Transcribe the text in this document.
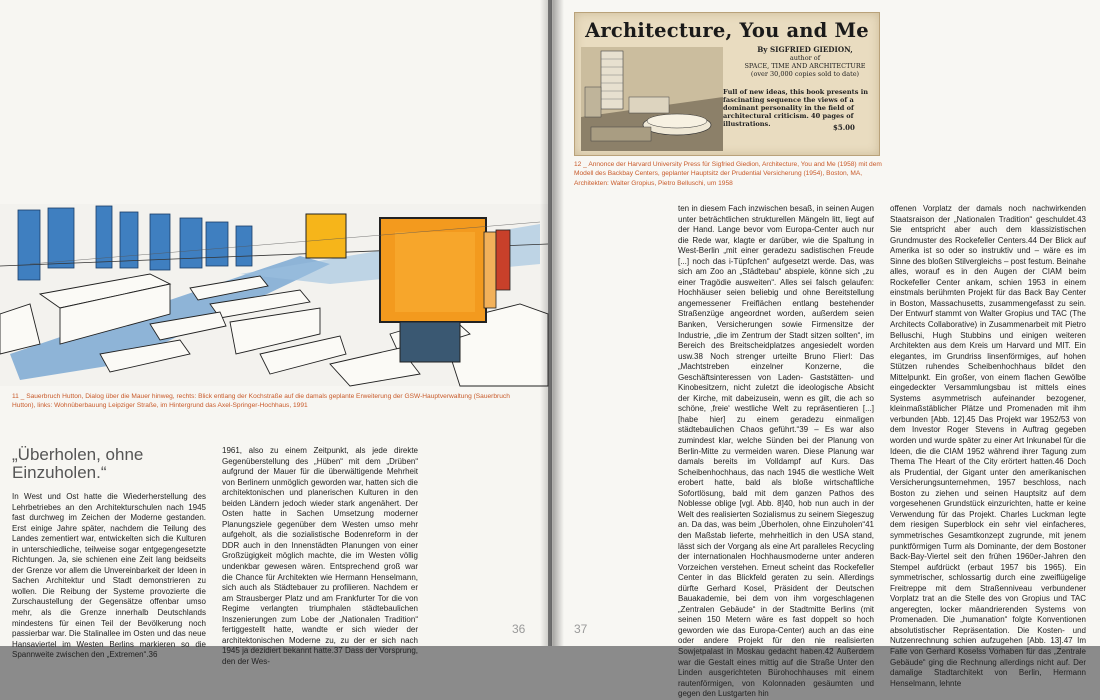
11 _ Sauerbruch Hutton, Dialog über die Mauer hinweg, rechts: Blick entlang der Kochstraße auf die damals geplante Erweiterung der GSW-Hauptverwaltung (Sauerbruch Hutton), links: Wohnüberbauung Leipziger Straße, im Hintergrund das Axel-Springer-Hochhaus, 1991
„Überholen, ohne Einzuholen.“
In West und Ost hatte die Wiederherstellung des Lehrbetriebes an den Architekturschulen nach 1945 fast durchweg im Zeichen der Moderne gestanden. Erst einige Jahre später, nachdem die Teilung des Landes zementiert war, entwickelten sich die Kulturen in unterschiedliche, teilweise sogar entgegengesetzte Richtungen. Ja, sie schienen eine Zeit lang beidseits der Grenze vor allem die Unvereinbarkeit der Ideen in Sachen Architektur und Stadt demonstrieren zu wollen. Die Reibung der Systeme provozierte die Zurschaustellung der Gegensätze offenbar umso mehr, als die Grenze innerhalb Deutschlands mindestens für einen Teil der Bevölkerung noch passierbar war. Die Stalinallee im Osten und das neue Hansaviertel im Westen Berlins markieren so die Spannweite zwischen den „Extremen“.36
1961, also zu einem Zeitpunkt, als jede direkte Gegenüberstellung des „Hüben“ mit dem „Drüben“ aufgrund der Mauer für die überwältigende Mehrheit von Berlinern unmöglich geworden war, hatten sich die architektonischen und planerischen Kulturen in den beiden Ländern jedoch wieder stark angenähert. Der Osten hatte in Sachen Umsetzung moderner Planungsziele gegenüber dem Westen umso mehr aufgeholt, als die sozialistische Bodenreform in der DDR auch in den Innenstädten Planungen von einer Großzügigkeit möglich machte, die im Westen völlig undenkbar gewesen wären. Entsprechend groß war die Chance für Architekten wie Hermann Henselmann, sich auch als Städtebauer zu profilieren. Nachdem er am Strausberger Platz und am Frankfurter Tor die von Regime verlangten triumphalen städtebaulichen Inszenierungen zum Lobe der „Nationalen Tradition“ fertiggestellt hatte, wandte er sich wieder der architektonischen Moderne zu, zu der er sich nach 1945 ja dezidiert bekannt hatte.37 Dass der Vorsprung, den der Wes-
36
Architecture, You and Me
By SIGFRIED GIEDION,
author of
SPACE, TIME AND ARCHITECTURE
(over 30,000 copies sold to date)
Full of new ideas, this book presents in fascinating sequence the views of a dominant personality in the field of architectural criticism. 40 pages of illustrations.	$5.00
12 _ Annonce der Harvard University Press für Sigfried Giedion, Architecture, You and Me (1958) mit dem Modell des Backbay Centers, geplanter Hauptsitz der Prudential Versicherung (1954), Boston, MA, Architekten: Walter Gropius, Pietro Belluschi, um 1958
ten in diesem Fach inzwischen besaß, in seinen Augen unter beträchtlichen strukturellen Mängeln litt, liegt auf der Hand. Lange bevor vom Europa-Center auch nur die Rede war, klagte er darüber, wie die Spaltung in West-Berlin „mit einer geradezu sadistischen Freude [...] noch das i-Tüpfchen“ aufgesetzt werde. Das, was sich am Zoo an „Städtebau“ abspiele, könne sich „zu einer Tragödie ausweiten“. Alles sei falsch gelaufen: Hochhäuser seien beliebig und ohne Bereitstellung angemessener Freiflächen entlang bestehender Straßenzüge angeordnet worden, außerdem seien Banken, Versicherungen sowie Firmensitze der Industrie, „die im Zentrum der Stadt sitzen sollten“, im Bereich des Breitscheidplatzes angesiedelt worden usw.38 Noch strenger urteilte Bruno Flierl: Das „Machtstreben einzelner Konzerne, die Geschäftsinteressen von Laden- Gaststätten- und Kinobesitzern, nicht zuletzt die ideologische Absicht der Kirche, mit dabeizusein, wenn es gilt, die ach so schöne, ‚freie‘ westliche Welt zu repräsentieren [...] [habe hier] zu einem geradezu einmaligen städtebaulichen Chaos geführt.“39 – Es war also zumindest klar, welche Sünden bei der Planung von Berlin-Mitte zu vermeiden waren. Diese Planung war damals bereits im Volldampf auf Kurs. Das Scheibenhochhaus, das nach 1945 die westliche Welt erobert hatte, bald als bloße wirtschaftliche Sofortlösung, bald mit dem ganzen Pathos des Noblesse oblige [vgl. Abb. 8]40, hob nun auch in der Welt des realisierten Sozialismus zu seinem Siegeszug an. Da das, was beim „Überholen, ohne Einzuholen“41 den Maßstab lieferte, mehrheitlich in den USA stand, lässt sich der Vorgang als eine Art paralleles Recycling der internationalen Hochhausmoderne unter anderen Vorzeichen verstehen. Erneut scheint das Rockefeller Center in das Blickfeld geraten zu sein. Allerdings dürfte Gerhard Kosel, Präsident der Deutschen Bauakademie, bei dem von ihm vorgeschlagenen „Zentralen Gebäude“ in der Stadtmitte Berlins (mit seinen 150 Metern wäre es fast doppelt so hoch geworden wie das Europa-Center) auch an das eine oder andere Projekt für den nie realisierten Sowjetpalast in Moskau gedacht haben.42 Außerdem war die Gestalt eines mittig auf die Straße Unter den Linden ausgerichteten Bürohochhauses mit einem rautenförmigen, von Kolonnaden gesäumten und gegen den Lustgarten hin
offenen Vorplatz der damals noch nachwirkenden Staatsraison der „Nationalen Tradition“ geschuldet.43 Sie entspricht aber auch dem klassizistischen Grundmuster des Rockefeller Centers.44 Der Blick auf Amerika ist so oder so instruktiv und – wäre es im Sinne des bloßen Stilvergleichs – post festum. Beinahe alles, worauf es in den Augen der CIAM beim Rockefeller Center ankam, schien 1953 in einem einstmals berühmten Projekt für das Back Bay Center in Boston, Massachusetts, zusammengefasst zu sein. Der Entwurf stammt von Walter Gropius und TAC (The Architects Collaborative) in Zusammenarbeit mit Pietro Belluschi, Hugh Stubbins und einigen weiteren Architekten aus dem Kreis um Harvard und MIT. Ein elegantes, im Grundriss linsenförmiges, auf hohen Stützen ruhendes Scheibenhochhaus bildet den Mittelpunkt. Ein großer, von einem flachen Gewölbe eingedeckter Versammlungsbau ist mittels eines Systems asymmetrisch aufeinander bezogener, kleinmaßstäblicher Plätze und Promenaden mit ihm verbunden [Abb. 12].45 Das Projekt war 1952/53 von dem Investor Roger Stevens in Auftrag gegeben worden und wurde später zu einer Art Inkunabel für die Ideen, die die CIAM 1952 während ihrer Tagung zum Thema The Heart of the City erörtert hatten.46 Doch als Prudential, der Gigant unter den amerikanischen Versicherungsunternehmen, 1957 beschloss, nach Boston zu ziehen und seinen Hauptsitz auf dem vorgesehenen Grundstück einzurichten, hatte er keine Verwendung für das Projekt. Charles Luckman legte dem riesigen Superblock ein sehr viel einfacheres, symmetrisches Gesamtkonzept zugrunde, mit jenem punktförmigen Turm als Dominante, der dem Bostoner Back-Bay-Viertel seit den frühen 1960er-Jahren den Stempel aufdrückt (erbaut 1957 bis 1965). Ein symmetrischer, schlossartig durch eine zweiflügelige Freitreppe mit dem Straßenniveau verbundener Vorplatz trat an die Stelle des von Gropius und TAC angeregten, locker mäandrierenden Systems von Promenaden. Die „humanation“ folgte Konventionen absolutistischer Repräsentation. Die Kosten- und Nutzenrechnung schien aufzugehen [Abb. 13].47 Im Falle von Gerhard Koselss Vorhaben für das „Zentrale Gebäude“ ging die Rechnung allerdings nicht auf. Der damalige Stadtarchitekt von Berlin, Hermann Henselmann, lehnte
37
